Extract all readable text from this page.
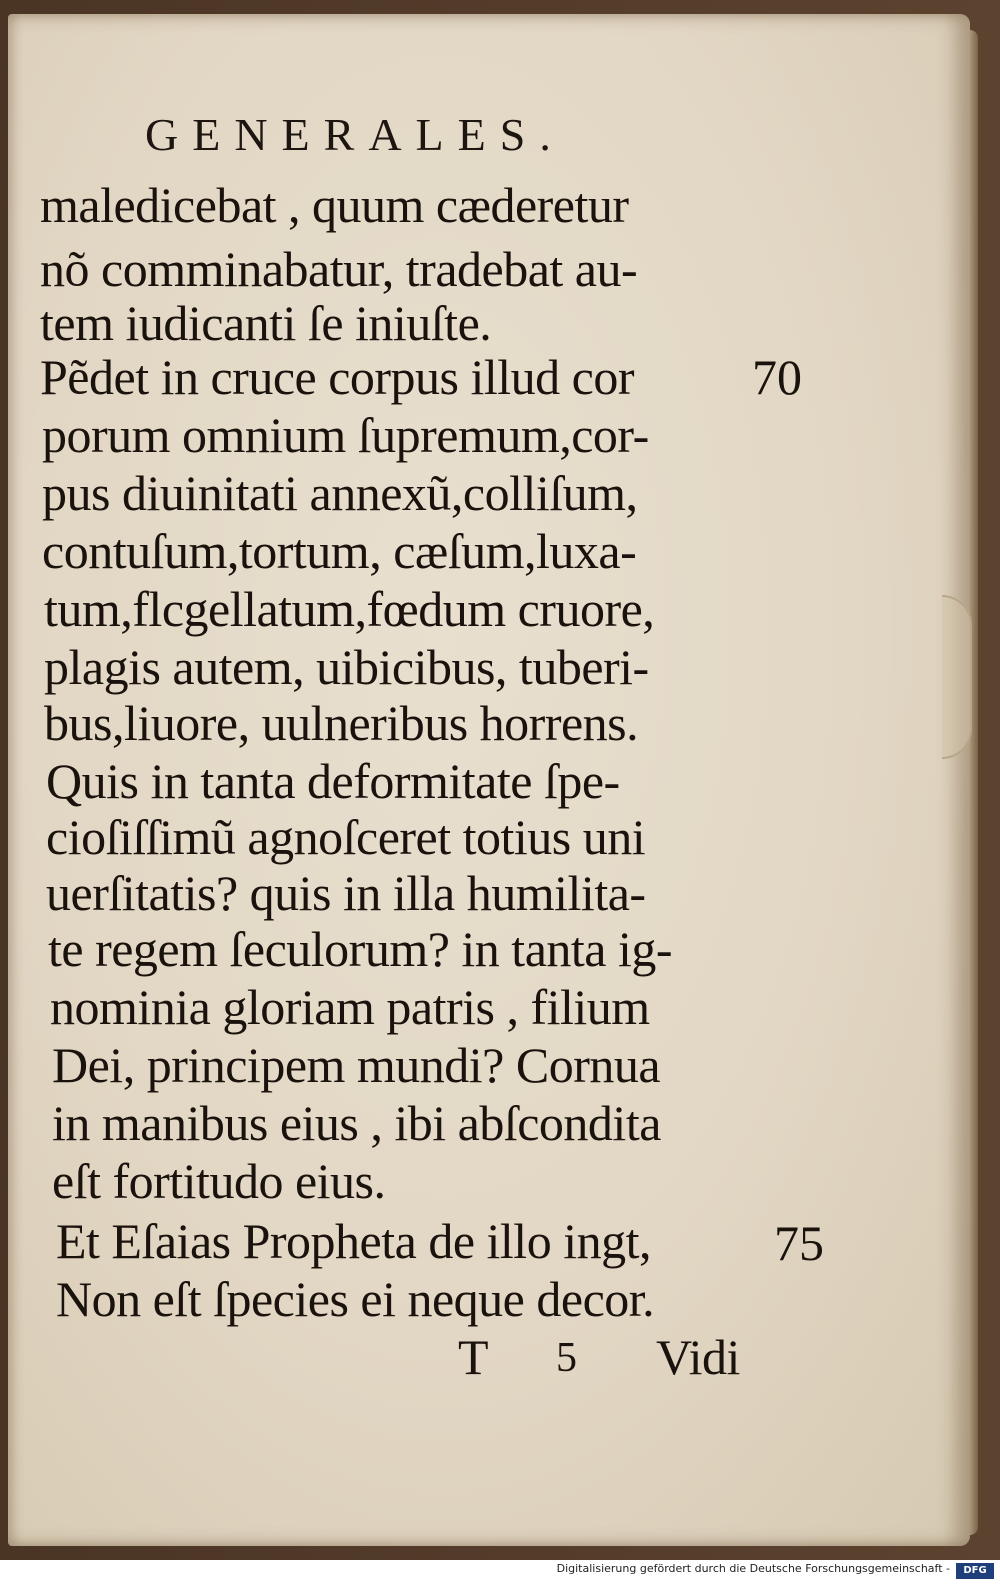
GENERALES.
maledicebat , quum cæderetur
nõ comminabatur, tradebat au-
tem iudicanti ſe iniuſte.
Pẽdet in cruce corpus illud cor 70
porum omnium ſupremum,cor-
pus diuinitati annexũ,colliſum,
contuſum,tortum, cæſum,luxa-
tum,flcgellatum,fœdum cruore,
plagis autem, uibicibus, tuberi-
bus,liuore, uulneribus horrens.
Quis in tanta deformitate ſpe-
cioſiſſimũ agnoſceret totius uni
uerſitatis? quis in illa humilita-
te regem ſeculorum? in tanta ig-
nominia gloriam patris , filium
Dei, principem mundi? Cornua
in manibus eius , ibi abſcondita
eſt fortitudo eius.
Et Eſaias Propheta de illo ingt, 75
Non eſt ſpecies ei neque decor.
T 5 Vidi
Digitalisierung gefördert durch die Deutsche Forschungsgemeinschaft -	DFG
